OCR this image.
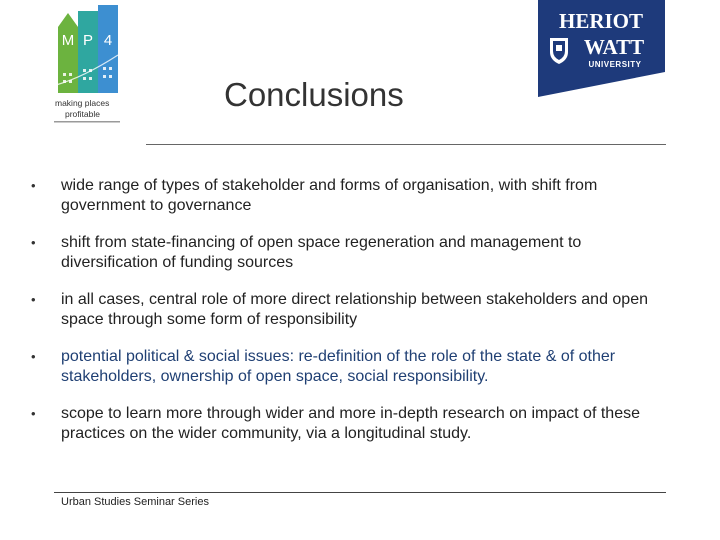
M P 4
making places
profitable
HERIOT
WATT
UNIVERSITY
Conclusions
• wide range of types of stakeholder and forms of organisation, with shift from government to governance
• shift from state-financing of open space regeneration and management to diversification of funding sources
• in all cases, central role of more direct relationship between stakeholders and open space through some form of responsibility
• potential political & social issues: re-definition of the role of the state & of other stakeholders, ownership of open space, social responsibility.
• scope to learn more through wider and more in-depth research on impact of these practices on the wider community, via a longitudinal study.
Urban Studies Seminar Series
